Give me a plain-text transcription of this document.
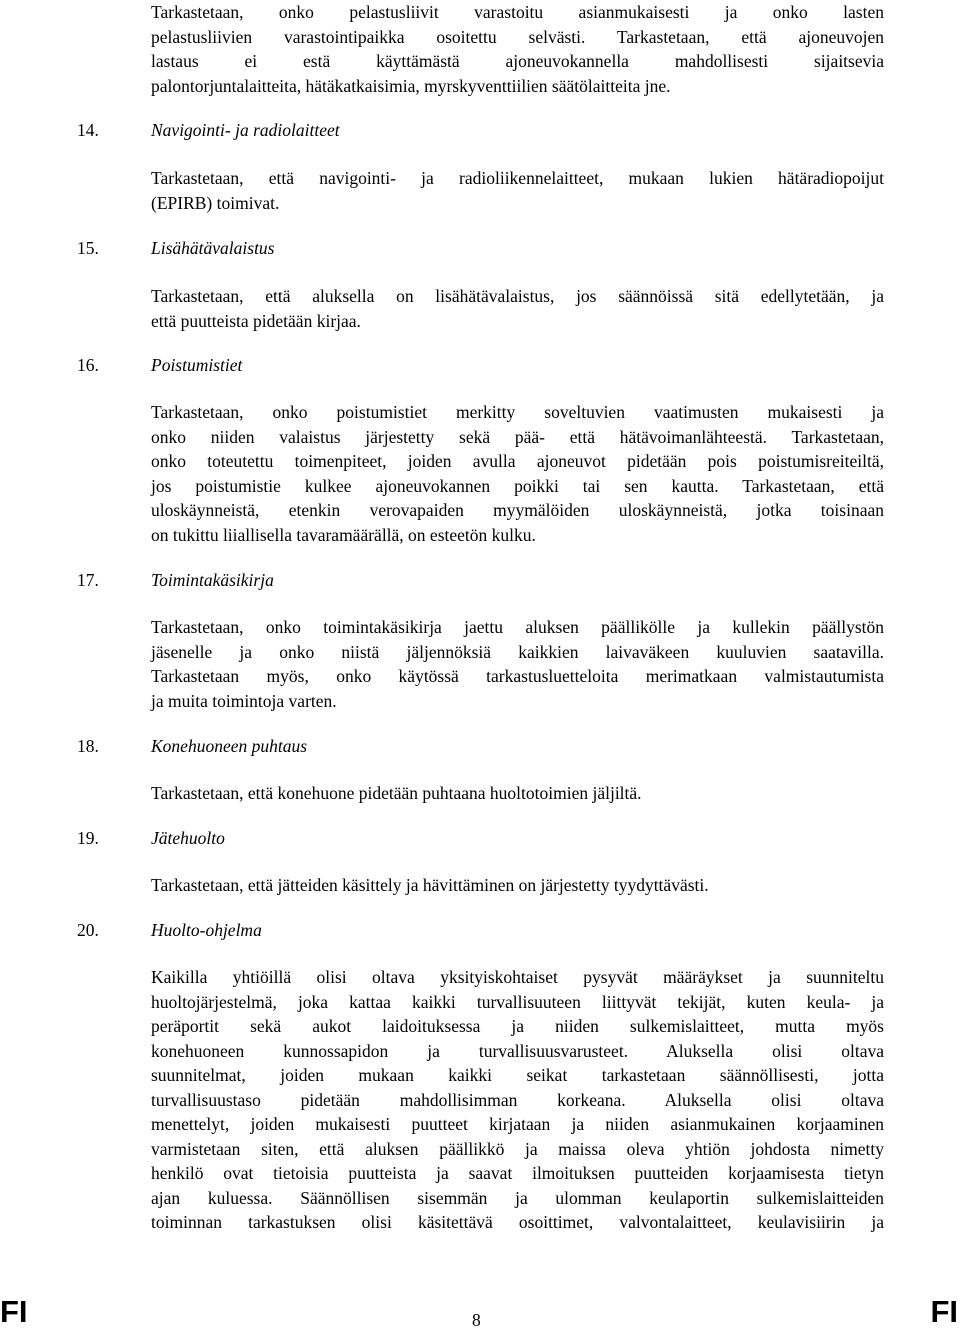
Tarkastetaan, onko pelastusliivit varastoitu asianmukaisesti ja onko lasten
pelastusliivien varastointipaikka osoitettu selvästi. Tarkastetaan, että ajoneuvojen
lastaus ei estä käyttämästä ajoneuvokannella mahdollisesti sijaitsevia
palontorjuntalaitteita, hätäkatkaisimia, myrskyventtiilien säätölaitteita jne.
14.	Navigointi- ja radiolaitteet
Tarkastetaan, että navigointi- ja radioliikennelaitteet, mukaan lukien hätäradiopoijut
(EPIRB) toimivat.
15.	Lisähätävalaistus
Tarkastetaan, että aluksella on lisähätävalaistus, jos säännöissä sitä edellytetään, ja
että puutteista pidetään kirjaa.
16.	Poistumistiet
Tarkastetaan, onko poistumistiet merkitty soveltuvien vaatimusten mukaisesti ja
onko niiden valaistus järjestetty sekä pää- että hätävoimanlähteestä. Tarkastetaan,
onko toteutettu toimenpiteet, joiden avulla ajoneuvot pidetään pois poistumisreiteiltä,
jos poistumistie kulkee ajoneuvokannen poikki tai sen kautta. Tarkastetaan, että
uloskäynneistä, etenkin verovapaiden myymälöiden uloskäynneistä, jotka toisinaan
on tukittu liiallisella tavaramäärällä, on esteetön kulku.
17.	Toimintakäsikirja
Tarkastetaan, onko toimintakäsikirja jaettu aluksen päällikölle ja kullekin päällystön
jäsenelle ja onko niistä jäljennöksiä kaikkien laivaväkeen kuuluvien saatavilla.
Tarkastetaan myös, onko käytössä tarkastusluetteloita merimatkaan valmistautumista
ja muita toimintoja varten.
18.	Konehuoneen puhtaus
Tarkastetaan, että konehuone pidetään puhtaana huoltotoimien jäljiltä.
19.	Jätehuolto
Tarkastetaan, että jätteiden käsittely ja hävittäminen on järjestetty tyydyttävästi.
20.	Huolto-ohjelma
Kaikilla yhtiöillä olisi oltava yksityiskohtaiset pysyvät määräykset ja suunniteltu
huoltojärjestelmä, joka kattaa kaikki turvallisuuteen liittyvät tekijät, kuten keula- ja
peräportit sekä aukot laidoituksessa ja niiden sulkemislaitteet, mutta myös
konehuoneen kunnossapidon ja turvallisuusvarusteet. Aluksella olisi oltava
suunnitelmat, joiden mukaan kaikki seikat tarkastetaan säännöllisesti, jotta
turvallisuustaso pidetään mahdollisimman korkeana. Aluksella olisi oltava
menettelyt, joiden mukaisesti puutteet kirjataan ja niiden asianmukainen korjaaminen
varmistetaan siten, että aluksen päällikkö ja maissa oleva yhtiön johdosta nimetty
henkilö ovat tietoisia puutteista ja saavat ilmoituksen puutteiden korjaamisesta tietyn
ajan kuluessa. Säännöllisen sisemmän ja ulomman keulaportin sulkemislaitteiden
toiminnan tarkastuksen olisi käsitettävä osoittimet, valvontalaitteet, keulavisiirin ja
FI	8	FI
